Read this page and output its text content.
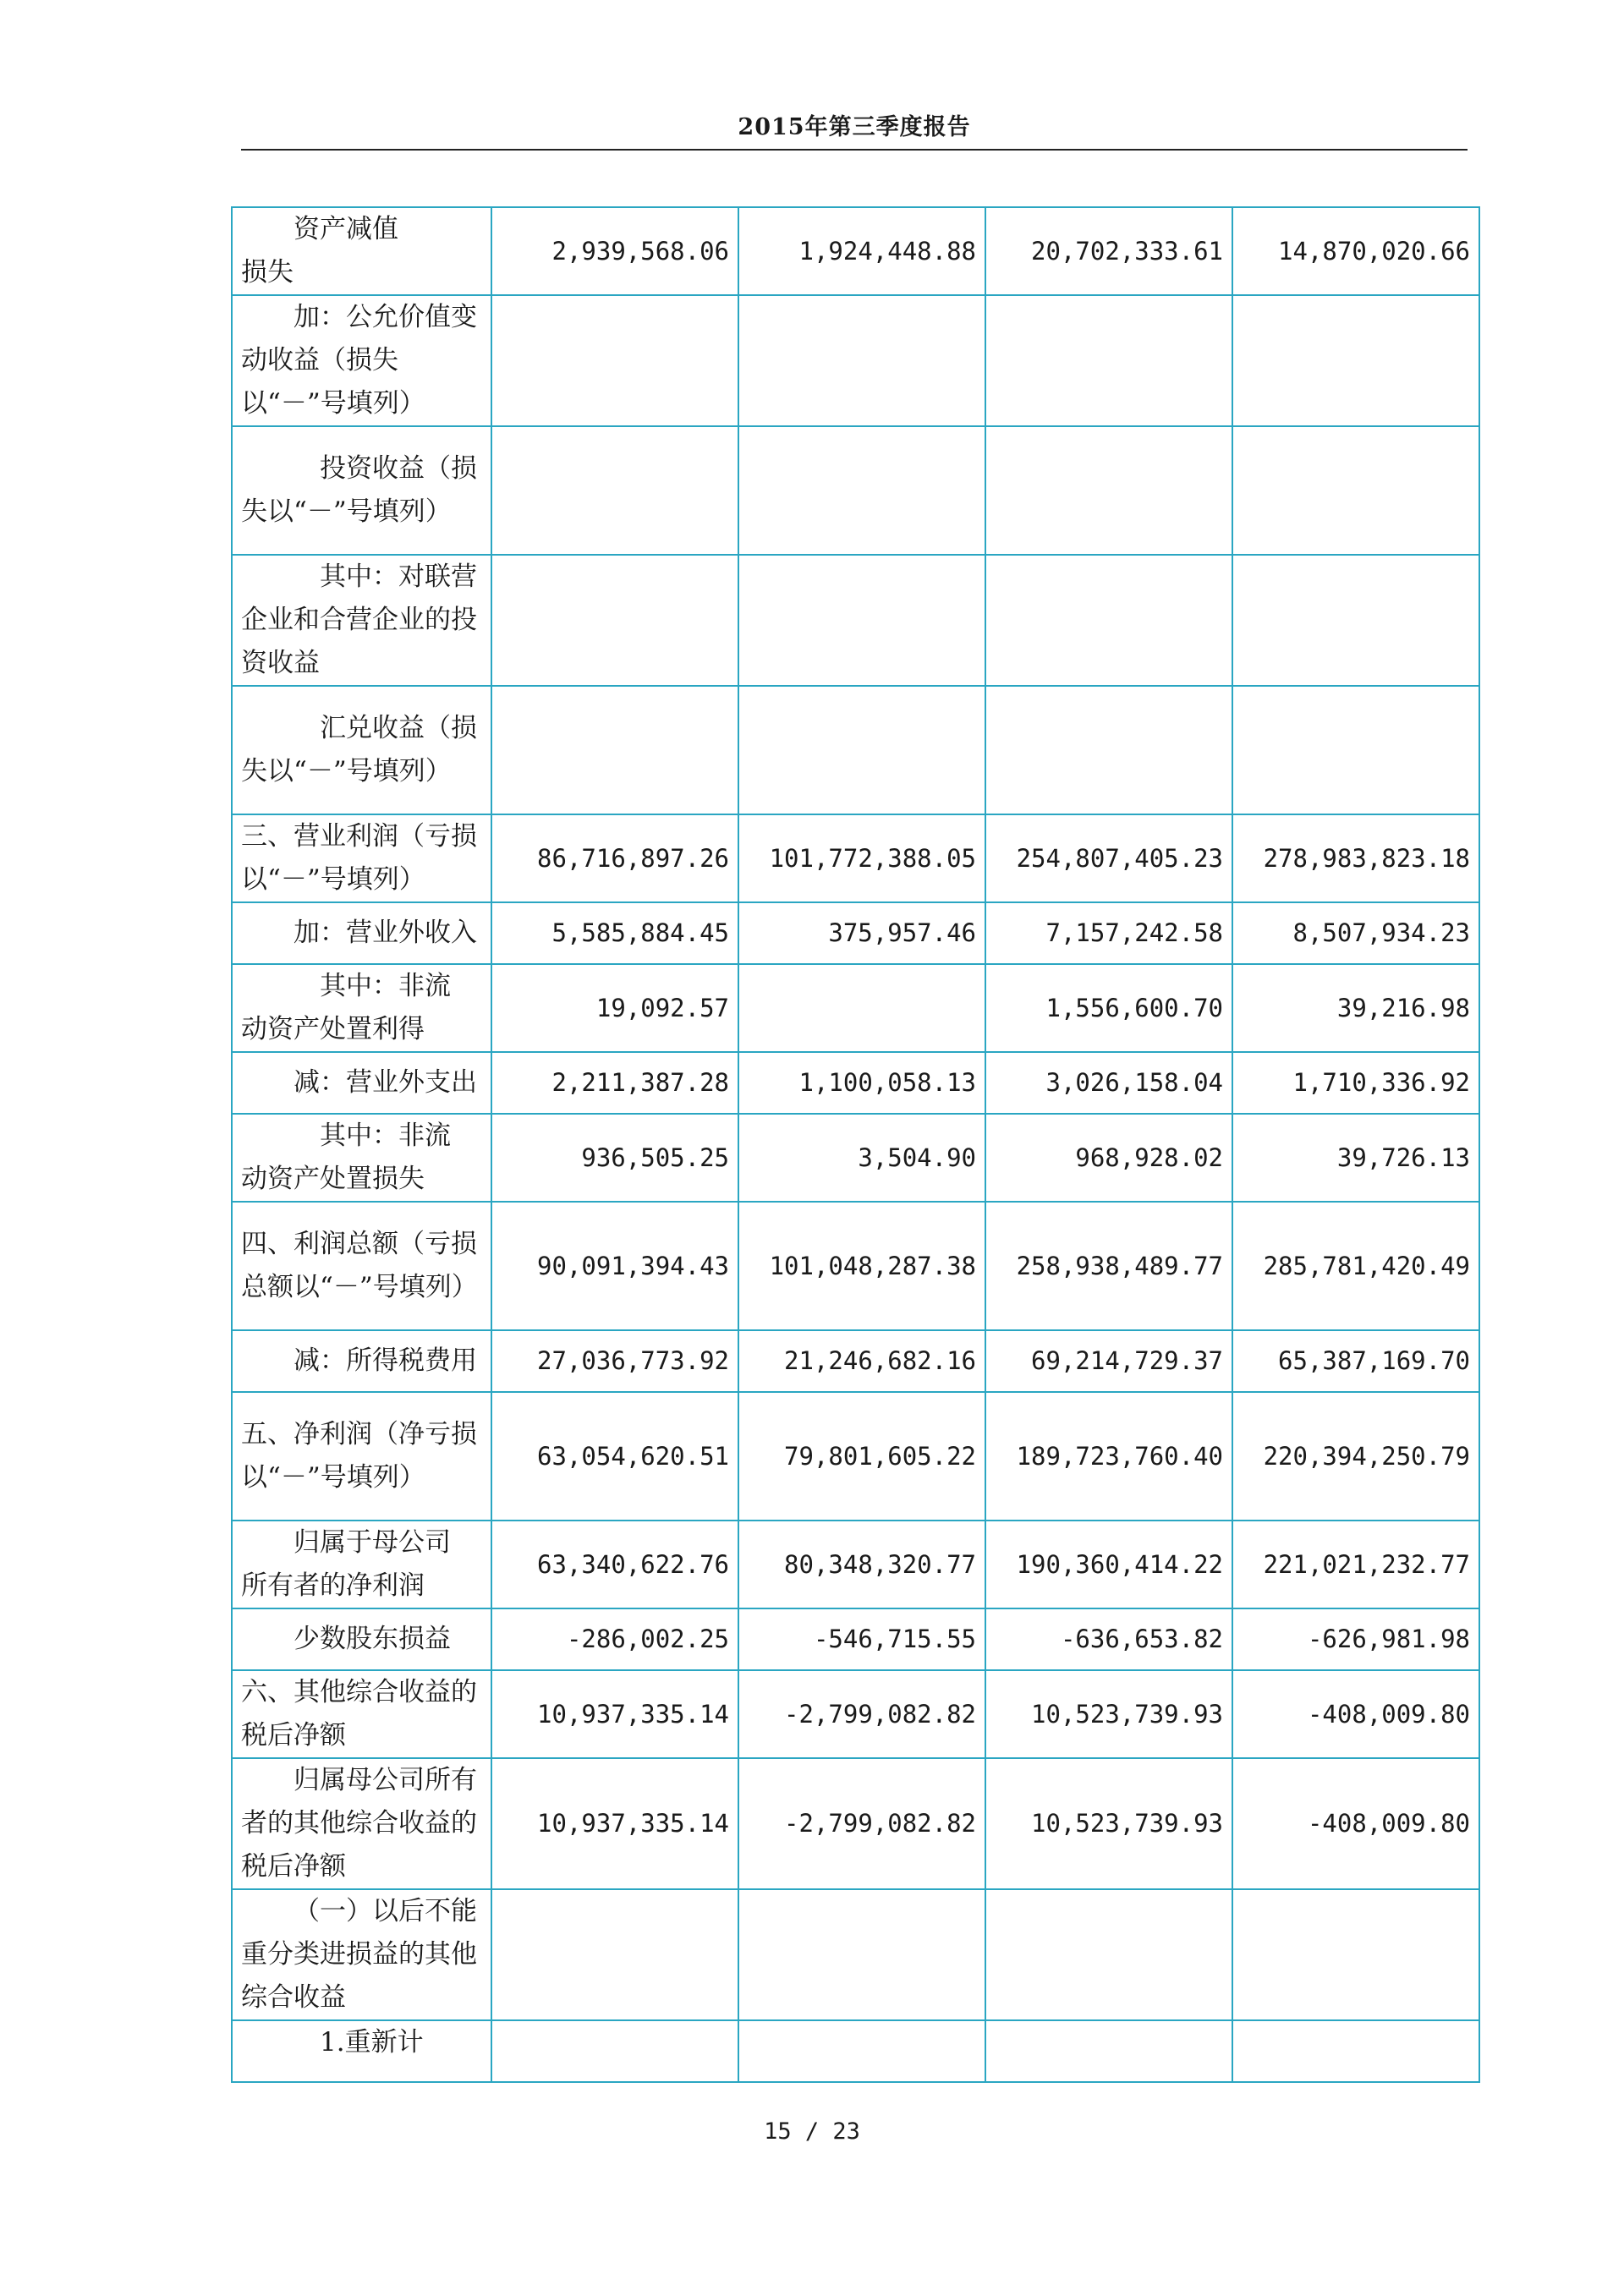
2015年第三季度报告
资产减值
损失	2,939,568.06	1,924,448.88	20,702,333.61	14,870,020.66
加：公允价值变动收益（损失以“－”号填列）				
投资收益（损失以“－”号填列）				
其中：对联营企业和合营企业的投资收益				
汇兑收益（损失以“－”号填列）				
三、营业利润（亏损以“－”号填列）	86,716,897.26	101,772,388.05	254,807,405.23	278,983,823.18
加：营业外收入	5,585,884.45	375,957.46	7,157,242.58	8,507,934.23
其中：非流
动资产处置利得	19,092.57		1,556,600.70	39,216.98
减：营业外支出	2,211,387.28	1,100,058.13	3,026,158.04	1,710,336.92
其中：非流
动资产处置损失	936,505.25	3,504.90	968,928.02	39,726.13
四、利润总额（亏损总额以“－”号填列）	90,091,394.43	101,048,287.38	258,938,489.77	285,781,420.49
减：所得税费用	27,036,773.92	21,246,682.16	69,214,729.37	65,387,169.70
五、净利润（净亏损以“－”号填列）	63,054,620.51	79,801,605.22	189,723,760.40	220,394,250.79
归属于母公司
所有者的净利润	63,340,622.76	80,348,320.77	190,360,414.22	221,021,232.77
少数股东损益	-286,002.25	-546,715.55	-636,653.82	-626,981.98
六、其他综合收益的税后净额	10,937,335.14	-2,799,082.82	10,523,739.93	-408,009.80
归属母公司所有者的其他综合收益的税后净额	10,937,335.14	-2,799,082.82	10,523,739.93	-408,009.80
（一）以后不能重分类进损益的其他综合收益				
1.重新计				
15 / 23
